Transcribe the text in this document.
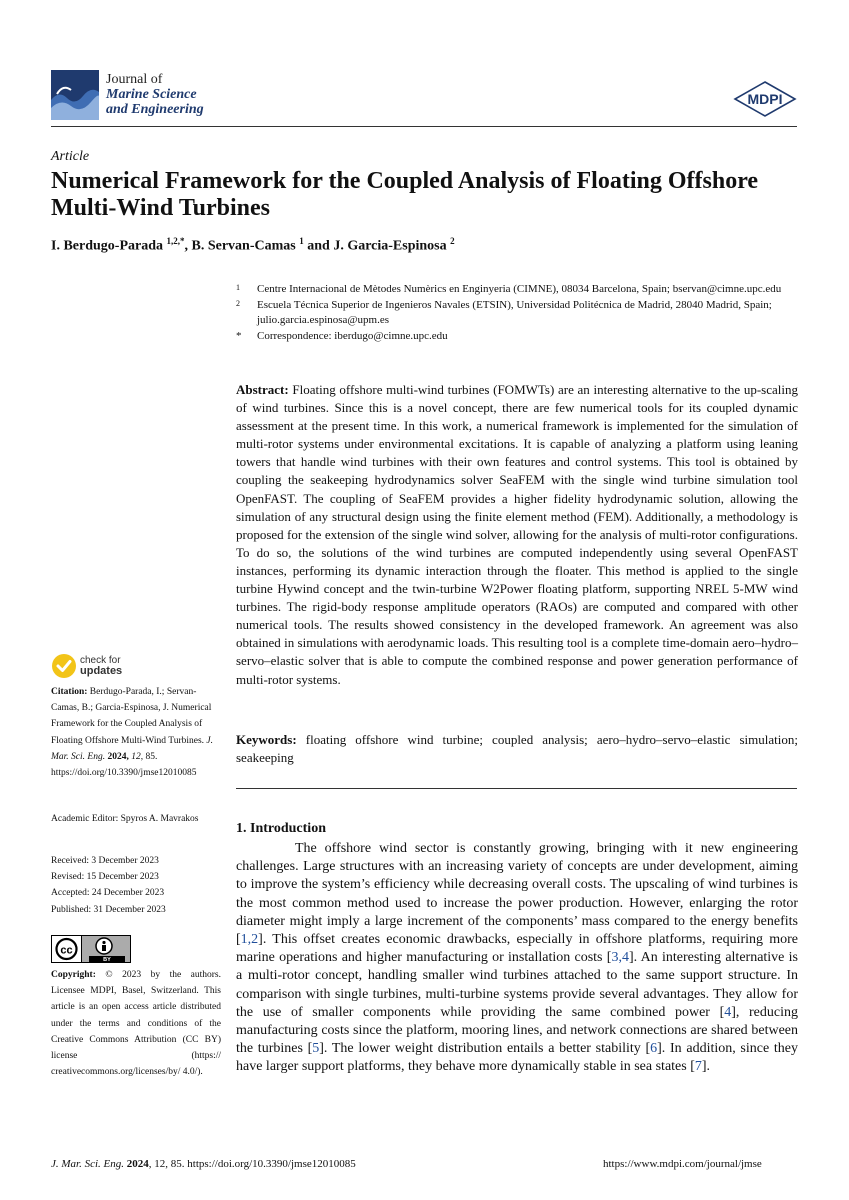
Journal of
Marine Science
and Engineering
MDPI
Article
Numerical Framework for the Coupled Analysis of Floating Offshore Multi-Wind Turbines
I. Berdugo-Parada $^{1,2,*}$, B. Servan-Camas $^1$ and J. Garcia-Espinosa $^2$
1 Centre Internacional de Mètodes Numèrics en Enginyeria (CIMNE), 08034 Barcelona, Spain; bservan@cimne.upc.edu
2 Escuela Técnica Superior de Ingenieros Navales (ETSIN), Universidad Politécnica de Madrid, 28040 Madrid, Spain; julio.garcia.espinosa@upm.es
* Correspondence: iberdugo@cimne.upc.edu

Abstract: Floating offshore multi-wind turbines (FOMWTs) are an interesting alternative to the up-scaling of wind turbines. Since this is a novel concept, there are few numerical tools for its coupled dynamic assessment at the present time. In this work, a numerical framework is implemented for the simulation of multi-rotor systems under environmental excitations. It is capable of analyzing a platform using leaning towers that handle wind turbines with their own features and control systems. This tool is obtained by coupling the seakeeping hydrodynamics solver SeaFEM with the single wind turbine simulation tool OpenFAST. The coupling of SeaFEM provides a higher fidelity hydrodynamic solution, allowing the simulation of any structural design using the finite element method (FEM). Additionally, a methodology is proposed for the extension of the single wind solver, allowing for the analysis of multi-rotor configurations. To do so, the solutions of the wind turbines are computed independently using several OpenFAST instances, performing its dynamic interaction through the floater. This method is applied to the single turbine Hywind concept and the twin-turbine W2Power floating platform, supporting NREL 5-MW wind turbines. The rigid-body response amplitude operators (RAOs) are computed and compared with other numerical tools. The results showed consistency in the developed framework. An agreement was also obtained in simulations with aerodynamic loads. This resulting tool is a complete time-domain aero–hydro–servo–elastic solver that is able to compute the combined response and power generation performance of multi-rotor systems.

Keywords: floating offshore wind turbine; coupled analysis; aero–hydro–servo–elastic simulation; seakeeping

1. Introduction

The offshore wind sector is constantly growing, bringing with it new engineering challenges. Large structures with an increasing variety of concepts are under development, aiming to improve the system’s efficiency while decreasing overall costs. The upscaling of wind turbines is the most common method used to increase the power production. However, enlarging the rotor diameter might imply a large increment of the components’ mass compared to the energy benefits [1,2]. This offset creates economic drawbacks, especially in offshore platforms, requiring more marine operations and higher manufacturing or installation costs [3,4]. An interesting alternative is a multi-rotor concept, handling smaller wind turbines attached to the same support structure. In comparison with single turbines, multi-turbine systems provide several advantages. They allow for the use of smaller components while providing the same combined power [4], reducing manufacturing costs since the platform, mooring lines, and network connections are shared between the turbines [5]. The lower weight distribution entails a better stability [6]. In addition, since they have larger support platforms, they behave more dynamically stable in sea states [7].

check for
updates
Citation: Berdugo-Parada, I.; Servan-Camas, B.; Garcia-Espinosa, J. Numerical Framework for the Coupled Analysis of Floating Offshore Multi-Wind Turbines. J. Mar. Sci. Eng. 2024, 12, 85. https://doi.org/10.3390/jmse12010085
Academic Editor: Spyros A. Mavrakos
Received: 3 December 2023
Revised: 15 December 2023
Accepted: 24 December 2023
Published: 31 December 2023
cc
BY
Copyright: © 2023 by the authors. Licensee MDPI, Basel, Switzerland. This article is an open access article distributed under the terms and conditions of the Creative Commons Attribution (CC BY) license (https:// creativecommons.org/licenses/by/ 4.0/).
J. Mar. Sci. Eng. 2024, 12, 85. https://doi.org/10.3390/jmse12010085	https://www.mdpi.com/journal/jmse
